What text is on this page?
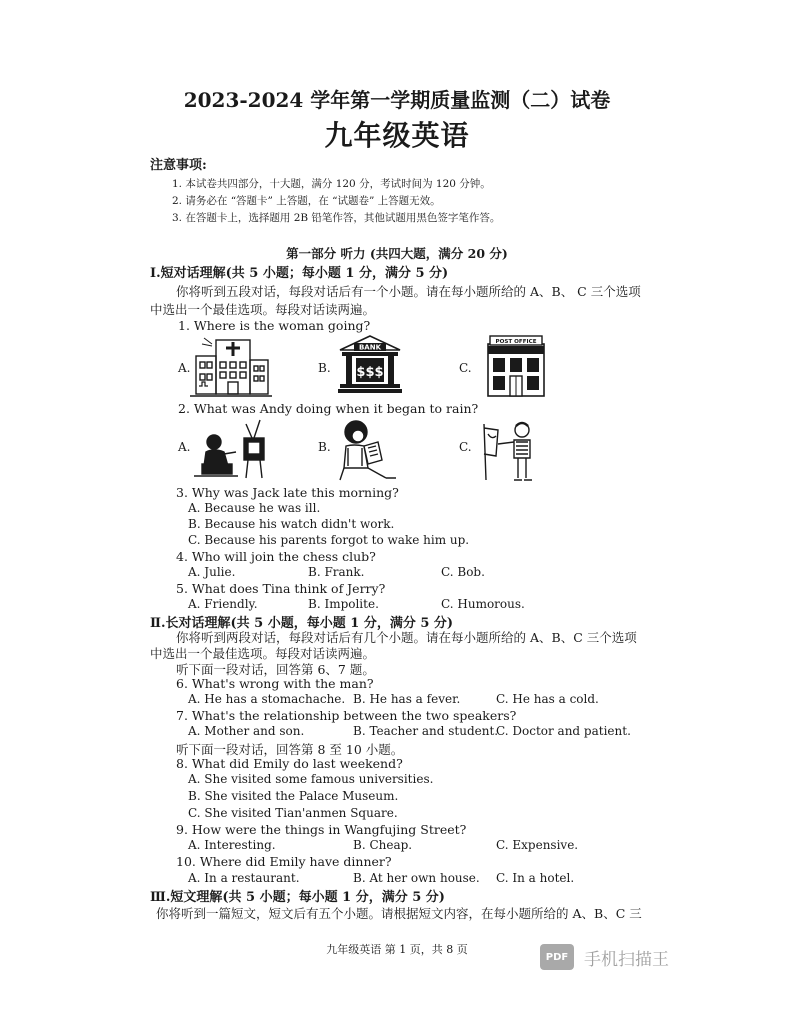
2023-2024 学年第一学期质量监测（二）试卷
九年级英语
注意事项:
1. 本试卷共四部分，十大题，满分 120 分，考试时间为 120 分钟。
2. 请务必在 “答题卡” 上答题，在 “试题卷” 上答题无效。
3. 在答题卡上，选择题用 2B 铅笔作答，其他试题用黑色签字笔作答。
第一部分 听力 (共四大题，满分 20 分)
Ⅰ.短对话理解(共 5 小题；每小题 1 分，满分 5 分)
你将听到五段对话，每段对话后有一个小题。请在每小题所给的 A、B、 C 三个选项
中选出一个最佳选项。每段对话读两遍。
1. Where is the woman going?
A.	B.
BANK
$$$	C.
POST OFFICE
2. What was Andy doing when it began to rain?
A.	B.	C.
3. Why was Jack late this morning?
A. Because he was ill.
B. Because his watch didn't work.
C. Because his parents forgot to wake him up.
4. Who will join the chess club?
A. Julie.	B. Frank.	C. Bob.
5. What does Tina think of Jerry?
A. Friendly.	B. Impolite.	C. Humorous.
Ⅱ.长对话理解(共 5 小题，每小题 1 分，满分 5 分)
你将听到两段对话，每段对话后有几个小题。请在每小题所给的 A、B、C 三个选项
中选出一个最佳选项。每段对话读两遍。
听下面一段对话，回答第 6、7 题。
6. What's wrong with the man?
A. He has a stomachache. B. He has a fever.	C. He has a cold.
7. What's the relationship between the two speakers?
A. Mother and son.	B. Teacher and student.
C. Doctor and patient.
听下面一段对话，回答第 8 至 10 小题。
8. What did Emily do last weekend?
A. She visited some famous universities.
B. She visited the Palace Museum.
C. She visited Tian'anmen Square.
9. How were the things in Wangfujing Street?
A. Interesting.	B. Cheap.	C. Expensive.
10. Where did Emily have dinner?
A. In a restaurant.	B. At her own house. C. In a hotel.
Ⅲ.短文理解(共 5 小题；每小题 1 分，满分 5 分)
你将听到一篇短文，短文后有五个小题。请根据短文内容，在每小题所给的 A、B、C 三
九年级英语 第 1 页，共 8 页
PDF 手机扫描王
